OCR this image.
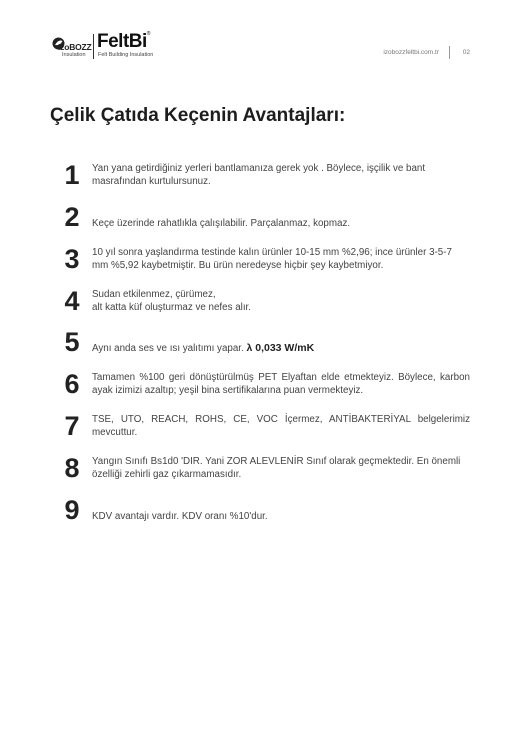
izoBOZZ
Insulation
FeltBi®
Felt Building Insulation	izobozzfeltbi.com.tr	02
Çelik Çatıda Keçenin Avantajları:
1	Yan yana getirdiğiniz yerleri bantlamanıza gerek yok . Böylece, işçilik ve bant masrafından kurtulursunuz.
2	Keçe üzerinde rahatlıkla çalışılabilir. Parçalanmaz, kopmaz.
3	10 yıl sonra yaşlandırma testinde kalın ürünler 10-15 mm %2,96; ince ürünler 3-5-7 mm %5,92 kaybetmiştir. Bu ürün neredeyse hiçbir şey kaybetmiyor.
4	Sudan etkilenmez, çürümez,
alt katta küf oluşturmaz ve nefes alır.
5	Aynı anda ses ve ısı yalıtımı yapar. λ 0,033 W/mK
6	Tamamen %100 geri dönüştürülmüş PET Elyaftan elde etmekteyiz. Böylece, karbon ayak izimizi azaltıp; yeşil bina sertifikalarına puan vermekteyiz.
7	TSE, UTO, REACH, ROHS, CE, VOC İçermez, ANTİBAKTERİYAL belgelerimiz mevcuttur.
8	Yangın Sınıfı Bs1d0 'DIR. Yani ZOR ALEVLENİR Sınıf olarak geçmektedir. En önemli özelliği zehirli gaz çıkarmamasıdır.
9	KDV avantajı vardır. KDV oranı %10'dur.
